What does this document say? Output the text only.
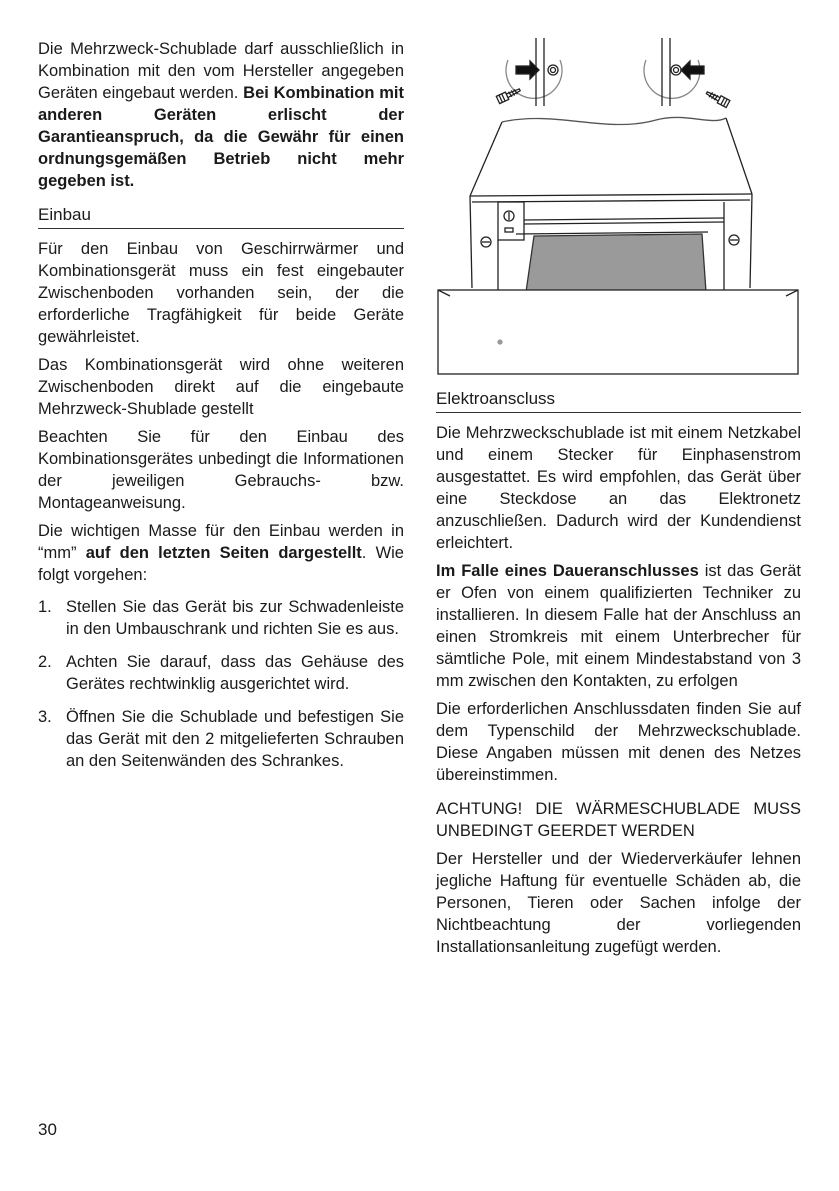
Die Mehrzweck-Schublade darf ausschließlich in Kombination mit den vom Hersteller angegeben Geräten eingebaut werden. Bei Kombination mit anderen Geräten erlischt der Garantieanspruch, da die Gewähr für einen ordnungsgemäßen Betrieb nicht mehr gegeben ist.

Einbau

Für den Einbau von Geschirrwärmer und Kombinationsgerät muss ein fest eingebauter Zwischenboden vorhanden sein, der die erforderliche Tragfähigkeit für beide Geräte gewährleistet.

Das Kombinationsgerät wird ohne weiteren Zwischenboden direkt auf die eingebaute Mehrzweck-Shublade gestellt

Beachten Sie für den Einbau des Kombinationsgerätes unbedingt die Informationen der jeweiligen Gebrauchs- bzw. Montageanweisung.

Die wichtigen Masse für den Einbau werden in “mm” auf den letzten Seiten dargestellt. Wie folgt vorgehen:

1. Stellen Sie das Gerät bis zur Schwadenleiste in den Umbauschrank und richten Sie es aus.
2. Achten Sie darauf, dass das Gehäuse des Gerätes rechtwinklig ausgerichtet wird.
3. Öffnen Sie die Schublade und befestigen Sie das Gerät mit den 2 mitgelieferten Schrauben an den Seitenwänden des Schrankes.
Elektroanscluss

Die Mehrzweckschublade ist mit einem Netzkabel und einem Stecker für Einphasenstrom ausgestattet. Es wird empfohlen, das Gerät über eine Steckdose an das Elektronetz anzuschließen. Dadurch wird der Kundendienst erleichtert.

Im Falle eines Daueranschlusses ist das Gerät er Ofen von einem qualifizierten Techniker zu installieren. In diesem Falle hat der Anschluss an einen Stromkreis mit einem Unterbrecher für sämtliche Pole, mit einem Mindestabstand von 3 mm zwischen den Kontakten, zu erfolgen

Die erforderlichen Anschlussdaten finden Sie auf dem Typenschild der Mehrzweckschublade. Diese Angaben müssen mit denen des Netzes übereinstimmen.

ACHTUNG! DIE WÄRMESCHUBLADE MUSS UNBEDINGT GEERDET WERDEN

Der Hersteller und der Wiederverkäufer lehnen jegliche Haftung für eventuelle Schäden ab, die Personen, Tieren oder Sachen infolge der Nichtbeachtung der vorliegenden Installationsanleitung zugefügt werden.

30
